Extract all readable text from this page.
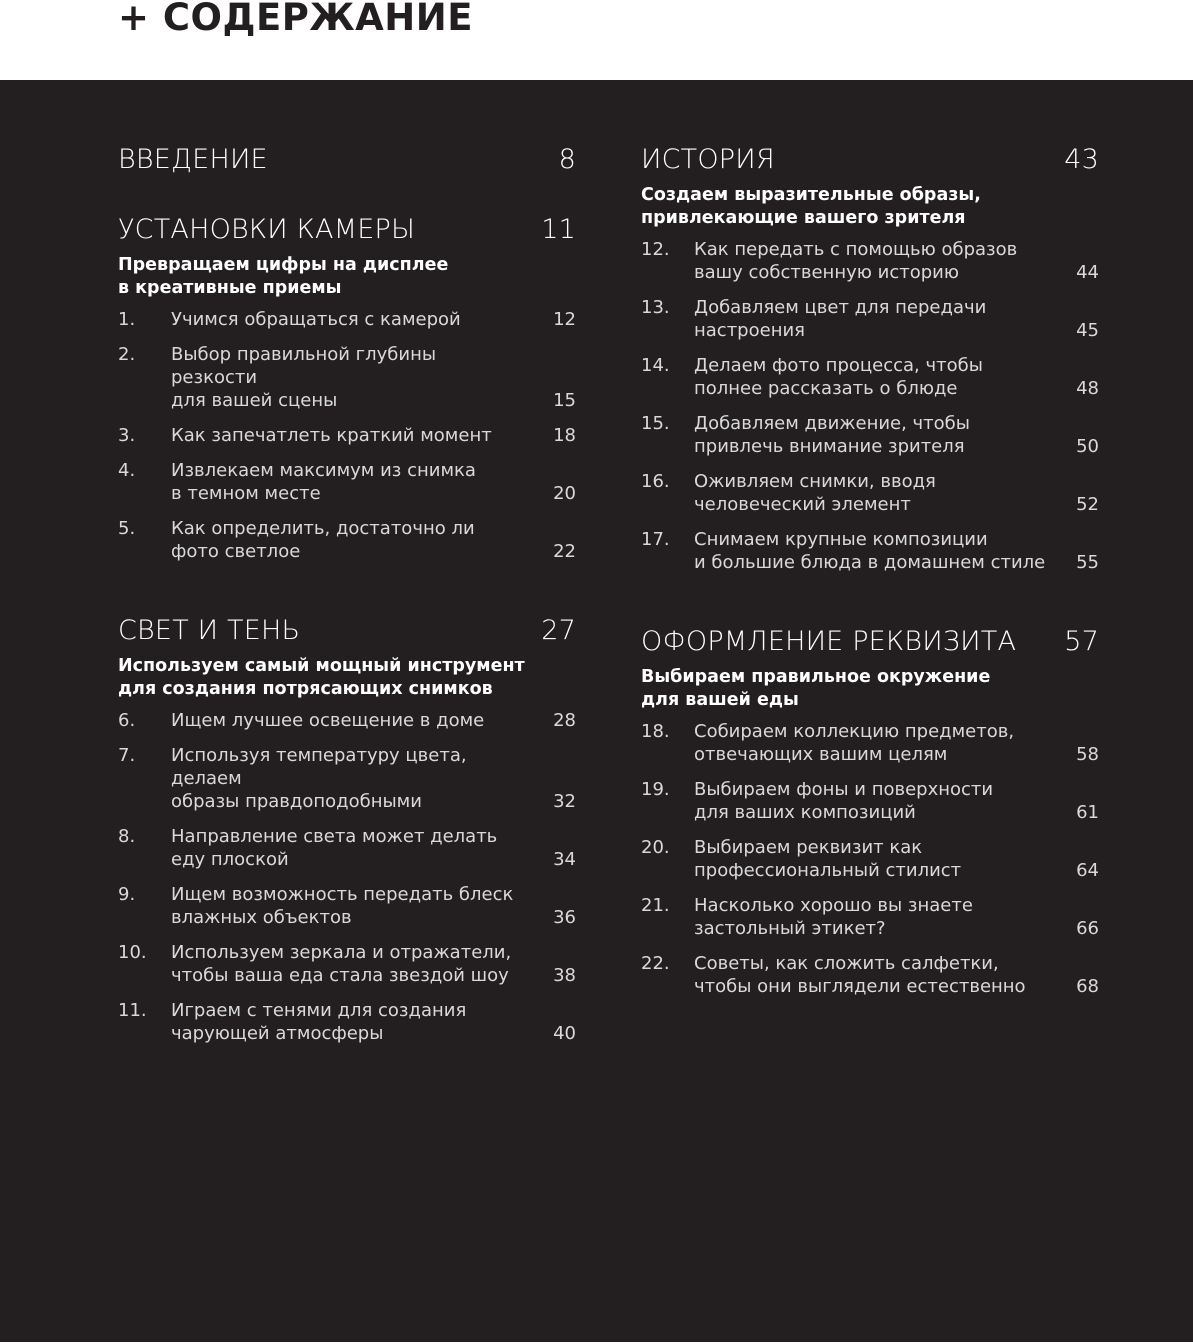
+ СОДЕРЖАНИЕ
ВВЕДЕНИЕ	8
УСТАНОВКИ КАМЕРЫ	11
Превращаем цифры на дисплее
в креативные приемы
1. Учимся обращаться с камерой	12
2. Выбор правильной глубины резкости
для вашей сцены	15
3. Как запечатлеть краткий момент	18
4. Извлекаем максимум из снимка
в темном месте	20
5. Как определить, достаточно ли
фото светлое	22
СВЕТ И ТЕНЬ	27
Используем самый мощный инструмент
для создания потрясающих снимков
6. Ищем лучшее освещение в доме	28
7. Используя температуру цвета, делаем
образы правдоподобными	32
8. Направление света может делать
еду плоской	34
9. Ищем возможность передать блеск
влажных объектов	36
10. Используем зеркала и отражатели,
чтобы ваша еда стала звездой шоу	38
11. Играем с тенями для создания
чарующей атмосферы	40
ИСТОРИЯ	43
Создаем выразительные образы,
привлекающие вашего зрителя
12. Как передать с помощью образов
вашу собственную историю	44
13. Добавляем цвет для передачи
настроения	45
14. Делаем фото процесса, чтобы
полнее рассказать о блюде	48
15. Добавляем движение, чтобы
привлечь внимание зрителя	50
16. Оживляем снимки, вводя
человеческий элемент	52
17. Снимаем крупные композиции
и большие блюда в домашнем стиле	55
ОФОРМЛЕНИЕ РЕКВИЗИТА 57
Выбираем правильное окружение
для вашей еды
18. Собираем коллекцию предметов,
отвечающих вашим целям	58
19. Выбираем фоны и поверхности
для ваших композиций	61
20. Выбираем реквизит как
профессиональный стилист	64
21. Насколько хорошо вы знаете
застольный этикет?	66
22. Советы, как сложить салфетки,
чтобы они выглядели естественно	68
